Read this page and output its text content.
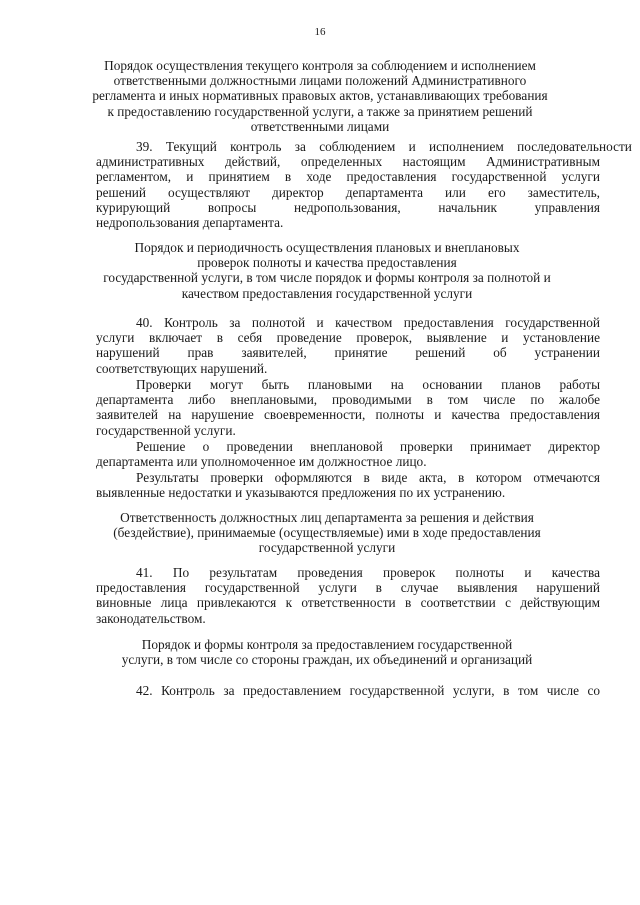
16
Порядок осуществления текущего контроля за соблюдением и исполнением
ответственными должностными лицами положений Административного
регламента и иных нормативных правовых актов, устанавливающих требования
к предоставлению государственной услуги, а также за принятием решений
ответственными лицами
39.    Текущий    контроль    за    соблюдением    и    исполнением    последовательности
административных действий, определенных настоящим Административным
регламентом, и принятием в ходе предоставления государственной услуги
решений осуществляют директор департамента или его заместитель,
курирующий вопросы недропользования, начальник управления
недропользования департамента.
Порядок и периодичность осуществления плановых и внеплановых
проверок полноты и качества предоставления
государственной услуги, в том числе порядок и формы контроля за полнотой и
качеством предоставления государственной услуги
40. Контроль за полнотой и качеством предоставления государственной
услуги включает в себя проведение проверок, выявление и установление
нарушений прав заявителей, принятие решений об устранении
соответствующих нарушений.
Проверки могут быть плановыми на основании планов работы
департамента либо внеплановыми, проводимыми в том числе по жалобе
заявителей на нарушение своевременности, полноты и качества предоставления
государственной услуги.
Решение о проведении внеплановой проверки принимает директор
департамента или уполномоченное им должностное лицо.
Результаты проверки оформляются в виде акта, в котором отмечаются
выявленные недостатки и указываются предложения по их устранению.
Ответственность должностных лиц департамента за решения и действия
(бездействие), принимаемые (осуществляемые) ими в ходе предоставления
государственной услуги
41. По результатам проведения проверок полноты и качества
предоставления государственной услуги в случае выявления нарушений
виновные лица привлекаются к ответственности в соответствии с действующим
законодательством.
Порядок и формы контроля за предоставлением государственной
услуги, в том числе со стороны граждан, их объединений и организаций
42. Контроль за предоставлением государственной услуги, в том числе со
